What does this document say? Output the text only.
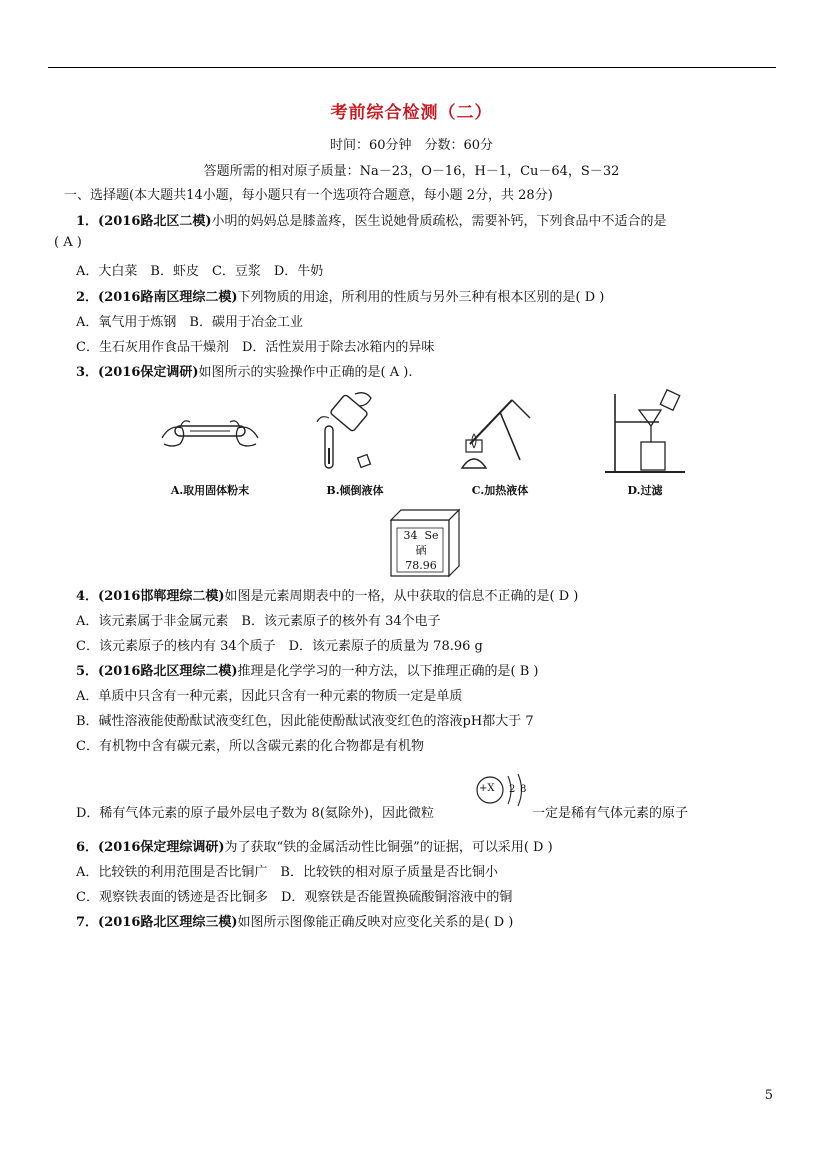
考前综合检测（二）
时间：60分钟　分数：60分
答题所需的相对原子质量：Na－23，O－16，H－1，Cu－64，S－32
一、选择题(本大题共14小题，每小题只有一个选项符合题意，每小题 2分，共 28分)
1．(2016路北区二模)小明的妈妈总是膝盖疼，医生说她骨质疏松，需要补钙，下列食品中不适合的是
( A )
A．大白菜　B．虾皮　C．豆浆　D．牛奶
2．(2016路南区理综二模)下列物质的用途，所利用的性质与另外三种有根本区别的是( D )
A．氧气用于炼钢　B．碳用于冶金工业
C．生石灰用作食品干燥剂　D．活性炭用于除去冰箱内的异味
3．(2016保定调研)如图所示的实验操作中正确的是( A ).
A.取用固体粉末	B.倾倒液体	C.加热液体	D.过滤
34 Se
硒
78.96
4．(2016邯郸理综二模)如图是元素周期表中的一格，从中获取的信息不正确的是( D )
A．该元素属于非金属元素　B．该元素原子的核外有 34个电子
C．该元素原子的核内有 34个质子　D．该元素原子的质量为 78.96 g
5．(2016路北区理综二模)推理是化学学习的一种方法，以下推理正确的是( B )
A．单质中只含有一种元素，因此只含有一种元素的物质一定是单质
B．碱性溶液能使酚酞试液变红色，因此能使酚酞试液变红色的溶液pH都大于 7
C．有机物中含有碳元素，所以含碳元素的化合物都是有机物
D．稀有气体元素的原子最外层电子数为 8(氦除外)，因此微粒
+X 2 8
一定是稀有气体元素的原子
6．(2016保定理综调研)为了获取“铁的金属活动性比铜强”的证据，可以采用( D )
A．比较铁的利用范围是否比铜广　B．比较铁的相对原子质量是否比铜小
C．观察铁表面的锈迹是否比铜多　D．观察铁是否能置换硫酸铜溶液中的铜
7．(2016路北区理综三模)如图所示图像能正确反映对应变化关系的是( D )
5
